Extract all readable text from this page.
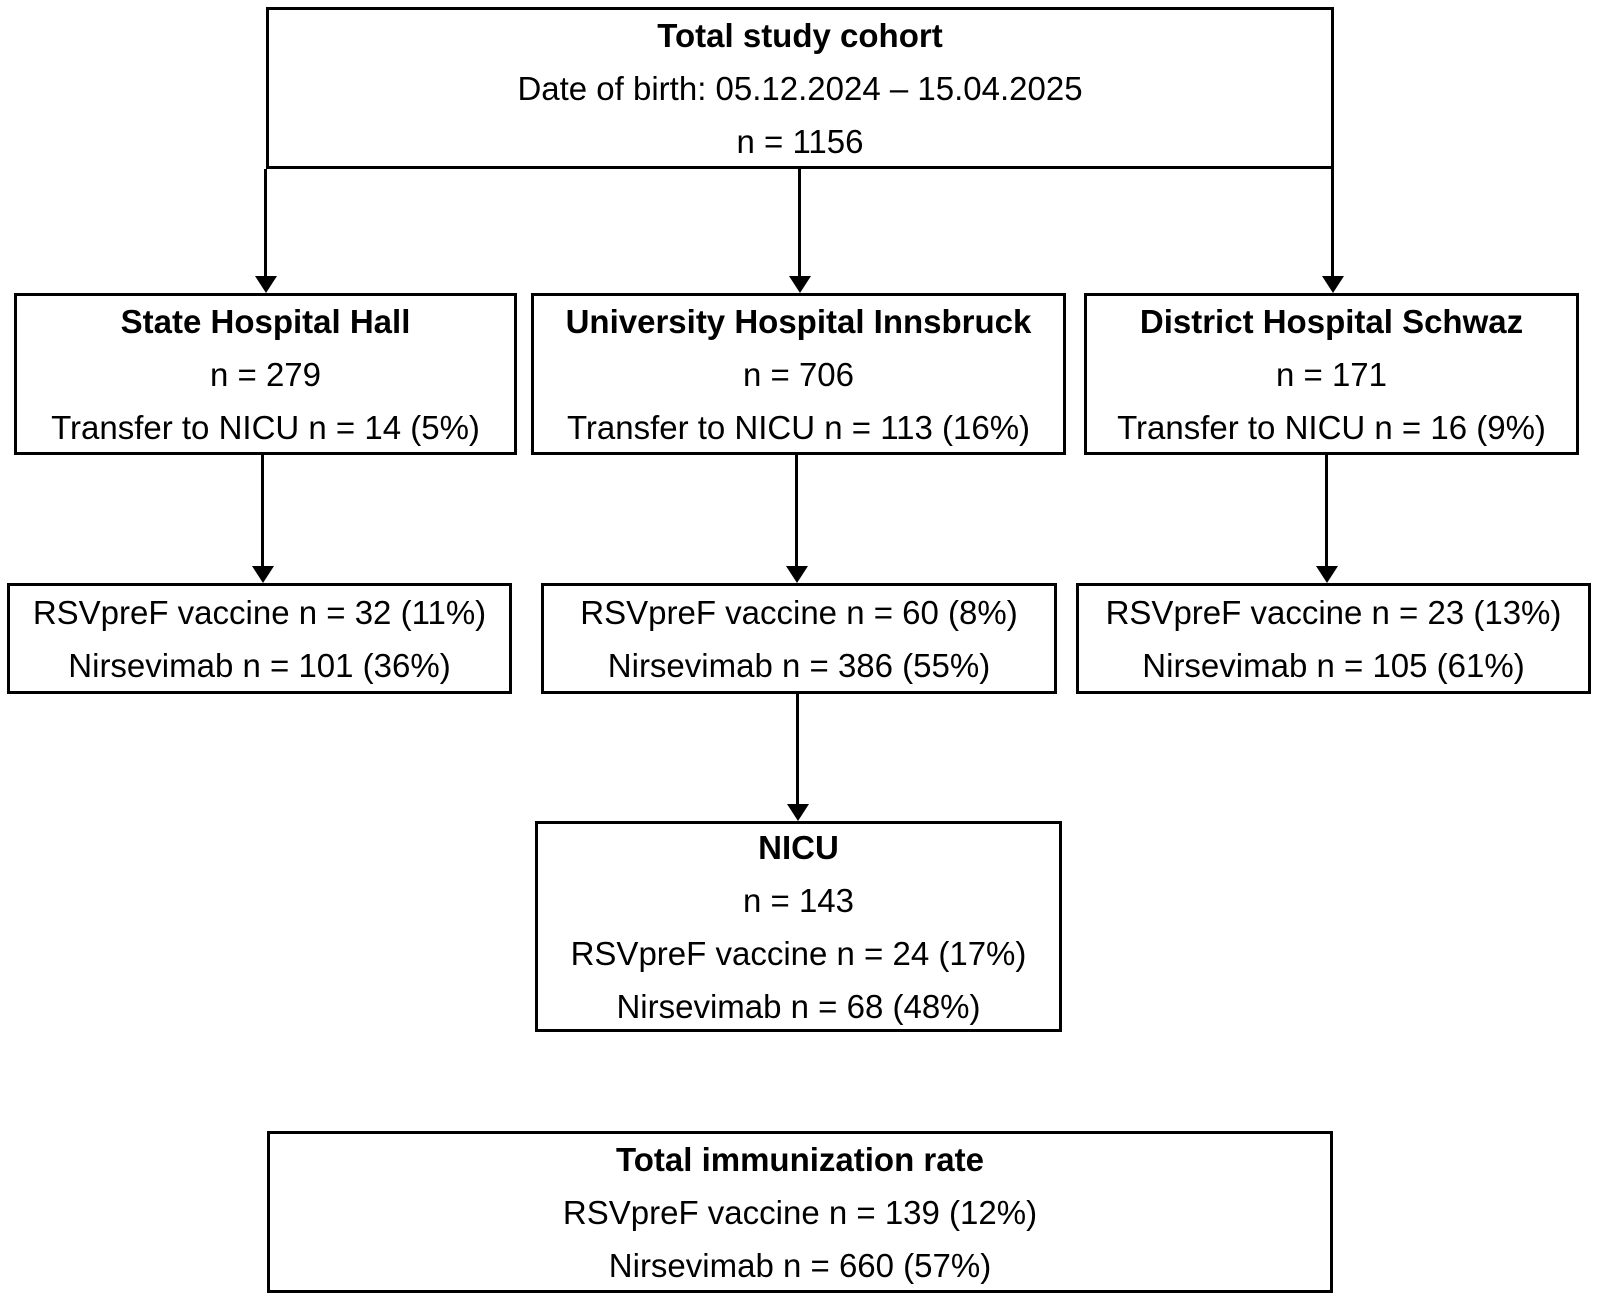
Total study cohort
Date of birth: 05.12.2024 – 15.04.2025
n = 1156
State Hospital Hall
n = 279
Transfer to NICU n = 14 (5%)
University Hospital Innsbruck
n = 706
Transfer to NICU n = 113 (16%)
District Hospital Schwaz
n = 171
Transfer to NICU n = 16 (9%)
RSVpreF vaccine n = 32 (11%)
Nirsevimab n = 101 (36%)
RSVpreF vaccine n = 60 (8%)
Nirsevimab n = 386 (55%)
RSVpreF vaccine n = 23 (13%)
Nirsevimab n = 105 (61%)
NICU
n = 143
RSVpreF vaccine n = 24 (17%)
Nirsevimab n = 68 (48%)
Total immunization rate
RSVpreF vaccine n = 139 (12%)
Nirsevimab n = 660 (57%)
